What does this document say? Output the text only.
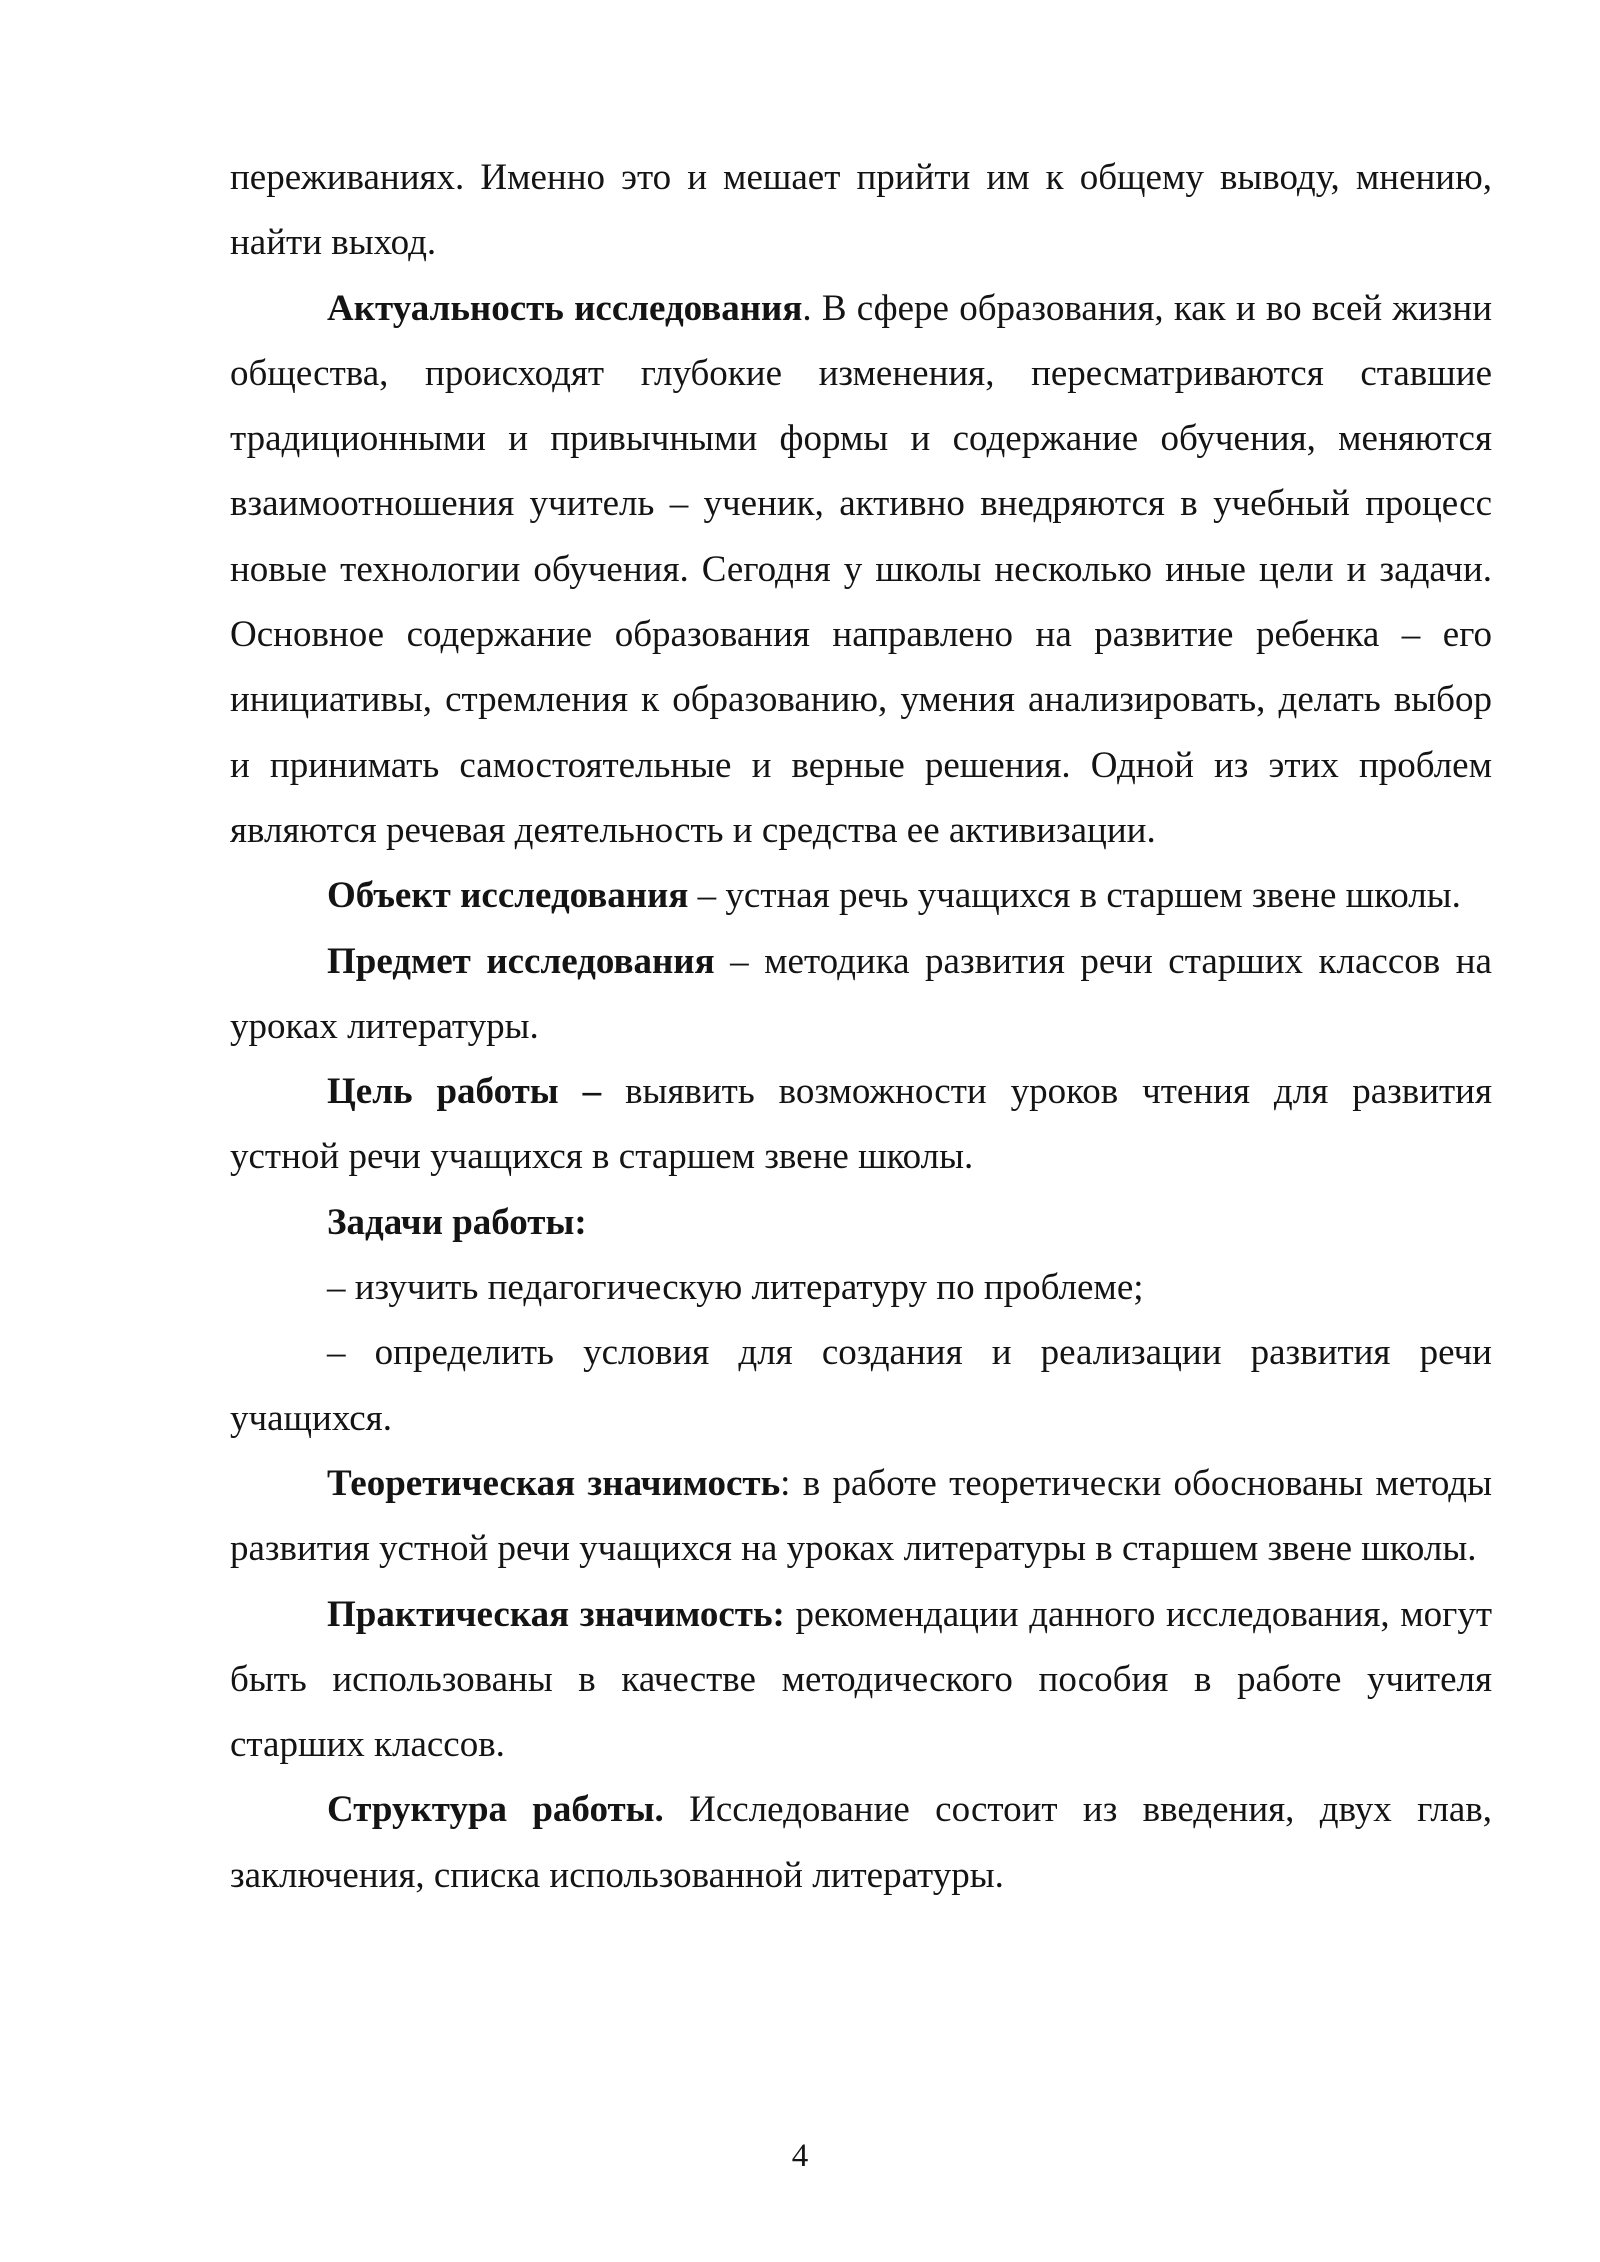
переживаниях. Именно это и мешает прийти им к общему выводу, мнению, найти выход.

Актуальность исследования. В сфере образования, как и во всей жизни общества, происходят глубокие изменения, пересматриваются ставшие традиционными и привычными формы и содержание обучения, меняются взаимоотношения учитель – ученик, активно внедряются в учебный процесс новые технологии обучения. Сегодня у школы несколько иные цели и задачи. Основное содержание образования направлено на развитие ребенка – его инициативы, стремления к образованию, умения анализировать, делать выбор и принимать самостоятельные и верные решения. Одной из этих проблем являются речевая деятельность и средства ее активизации.

Объект исследования – устная речь учащихся в старшем звене школы.

Предмет исследования – методика развития речи старших классов на уроках литературы.

Цель работы – выявить возможности уроков чтения для развития устной речи учащихся в старшем звене школы.

Задачи работы:

– изучить педагогическую литературу по проблеме;

– определить условия для создания и реализации развития речи учащихся.

Теоретическая значимость: в работе теоретически обоснованы методы развития устной речи учащихся на уроках литературы в старшем звене школы.

Практическая значимость: рекомендации данного исследования, могут быть использованы в качестве методического пособия в работе учителя старших классов.

Структура работы. Исследование состоит из введения, двух глав, заключения, списка использованной литературы.

4
